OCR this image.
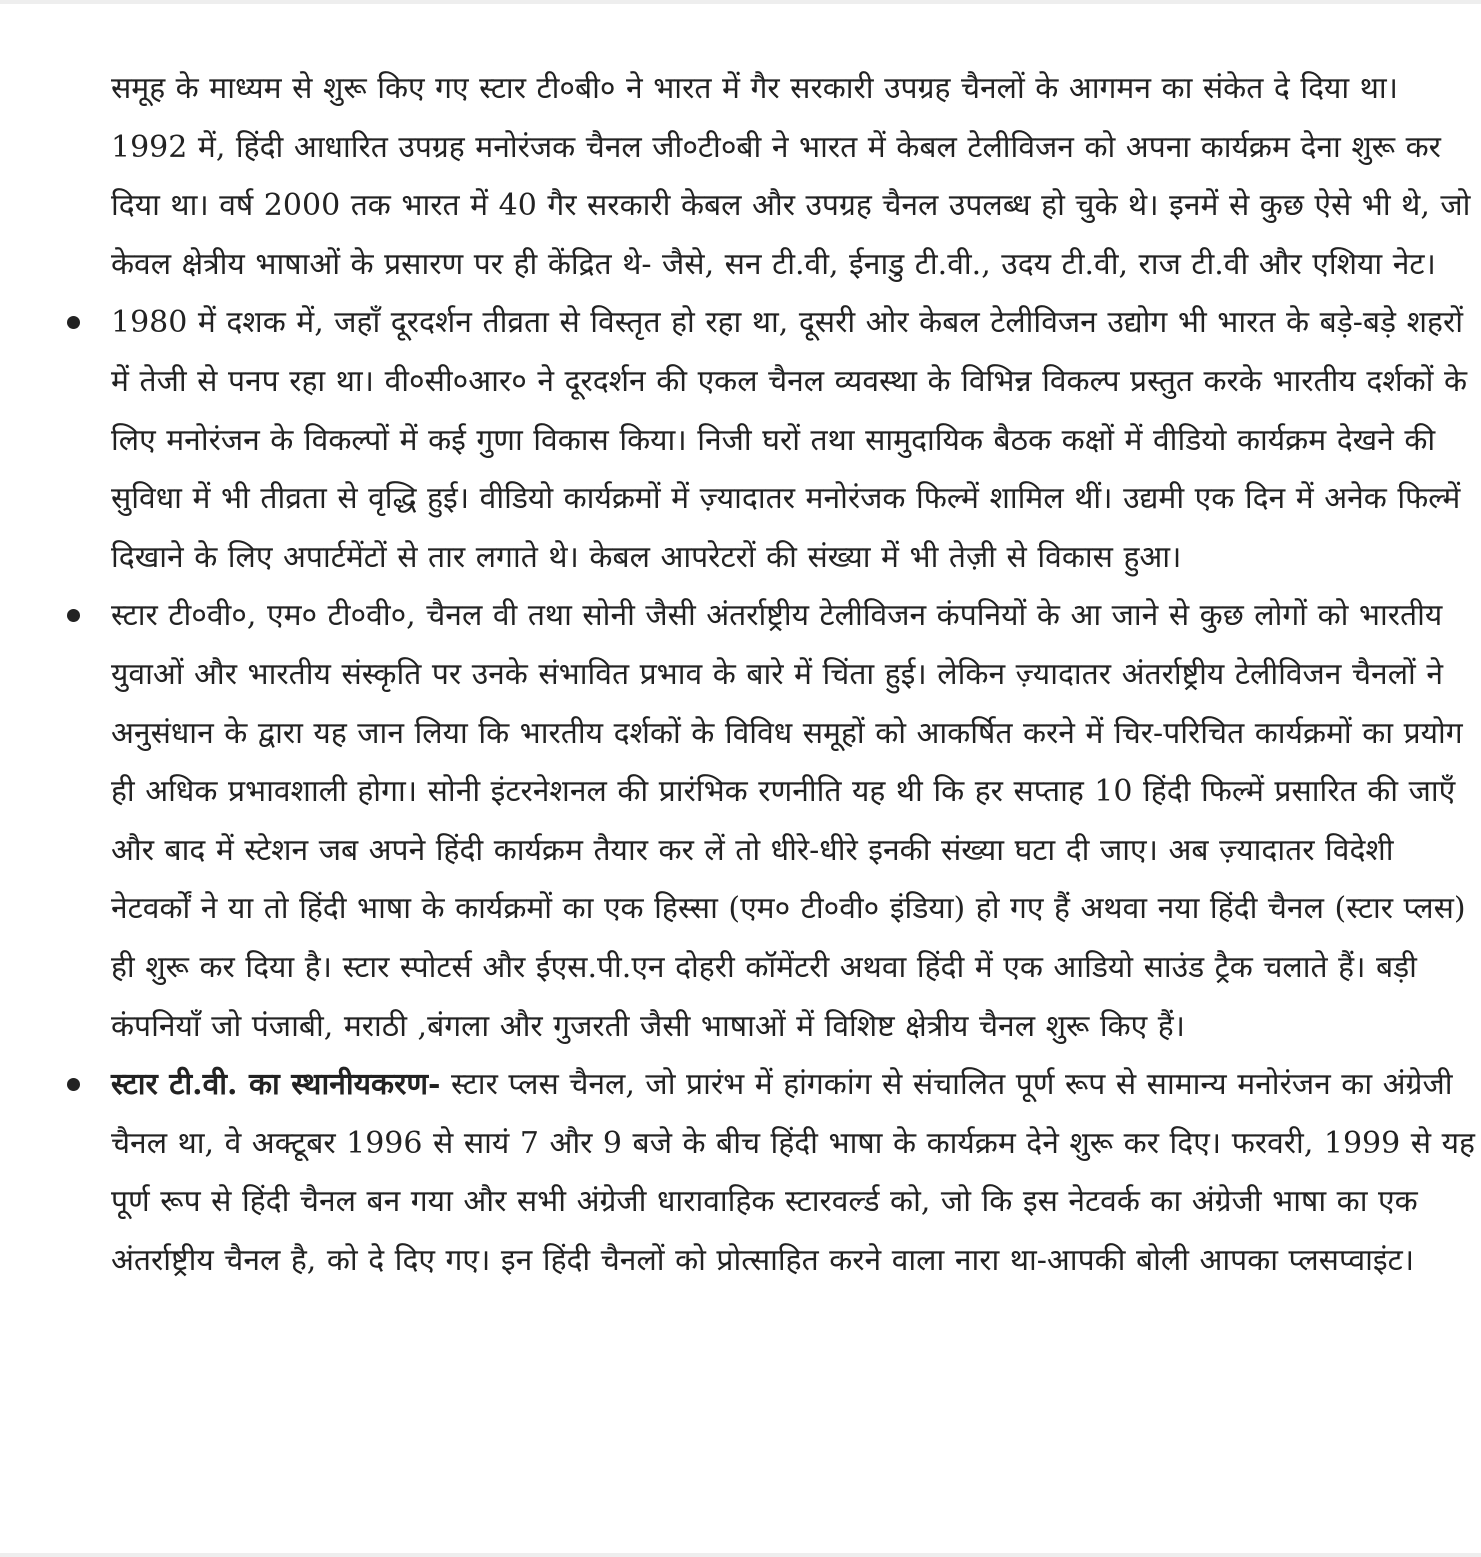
समूह के माध्यम से शुरू किए गए स्टार टी०बी० ने भारत में गैर सरकारी उपग्रह चैनलों के आगमन का संकेत दे दिया था। 1992 में, हिंदी आधारित उपग्रह मनोरंजक चैनल जी०टी०बी ने भारत में केबल टेलीविजन को अपना कार्यक्रम देना शुरू कर दिया था। वर्ष 2000 तक भारत में 40 गैर सरकारी केबल और उपग्रह चैनल उपलब्ध हो चुके थे। इनमें से कुछ ऐसे भी थे, जो केवल क्षेत्रीय भाषाओं के प्रसारण पर ही केंद्रित थे- जैसे, सन टी.वी, ईनाडु टी.वी., उदय टी.वी, राज टी.वी और एशिया नेट।

1980 में दशक में, जहाँ दूरदर्शन तीव्रता से विस्तृत हो रहा था, दूसरी ओर केबल टेलीविजन उद्योग भी भारत के बड़े-बड़े शहरों में तेजी से पनप रहा था। वी०सी०आर० ने दूरदर्शन की एकल चैनल व्यवस्था के विभिन्न विकल्प प्रस्तुत करके भारतीय दर्शकों के लिए मनोरंजन के विकल्पों में कई गुणा विकास किया। निजी घरों तथा सामुदायिक बैठक कक्षों में वीडियो कार्यक्रम देखने की सुविधा में भी तीव्रता से वृद्धि हुई। वीडियो कार्यक्रमों में ज़्यादातर मनोरंजक फिल्में शामिल थीं। उद्यमी एक दिन में अनेक फिल्में दिखाने के लिए अपार्टमेंटों से तार लगाते थे। केबल आपरेटरों की संख्या में भी तेज़ी से विकास हुआ।
स्टार टी०वी०, एम० टी०वी०, चैनल वी तथा सोनी जैसी अंतर्राष्ट्रीय टेलीविजन कंपनियों के आ जाने से कुछ लोगों को भारतीय युवाओं और भारतीय संस्कृति पर उनके संभावित प्रभाव के बारे में चिंता हुई। लेकिन ज़्यादातर अंतर्राष्ट्रीय टेलीविजन चैनलों ने अनुसंधान के द्वारा यह जान लिया कि भारतीय दर्शकों के विविध समूहों को आकर्षित करने में चिर-परिचित कार्यक्रमों का प्रयोग ही अधिक प्रभावशाली होगा। सोनी इंटरनेशनल की प्रारंभिक रणनीति यह थी कि हर सप्ताह 10 हिंदी फिल्में प्रसारित की जाएँ और बाद में स्टेशन जब अपने हिंदी कार्यक्रम तैयार कर लें तो धीरे-धीरे इनकी संख्या घटा दी जाए। अब ज़्यादातर विदेशी नेटवर्कों ने या तो हिंदी भाषा के कार्यक्रमों का एक हिस्सा (एम० टी०वी० इंडिया) हो गए हैं अथवा नया हिंदी चैनल (स्टार प्लस) ही शुरू कर दिया है। स्टार स्पोटर्स और ईएस.पी.एन दोहरी कॉमेंटरी अथवा हिंदी में एक आडियो साउंड ट्रैक चलाते हैं। बड़ी कंपनियाँ जो पंजाबी, मराठी ,बंगला और गुजरती जैसी भाषाओं में विशिष्ट क्षेत्रीय चैनल शुरू किए हैं।
स्टार टी.वी. का स्थानीयकरण- स्टार प्लस चैनल, जो प्रारंभ में हांगकांग से संचालित पूर्ण रूप से सामान्य मनोरंजन का अंग्रेजी चैनल था, वे अक्टूबर 1996 से सायं 7 और 9 बजे के बीच हिंदी भाषा के कार्यक्रम देने शुरू कर दिए। फरवरी, 1999 से यह पूर्ण रूप से हिंदी चैनल बन गया और सभी अंग्रेजी धारावाहिक स्टारवर्ल्ड को, जो कि इस नेटवर्क का अंग्रेजी भाषा का एक अंतर्राष्ट्रीय चैनल है, को दे दिए गए। इन हिंदी चैनलों को प्रोत्साहित करने वाला नारा था-आपकी बोली आपका प्लसप्वाइंट।
